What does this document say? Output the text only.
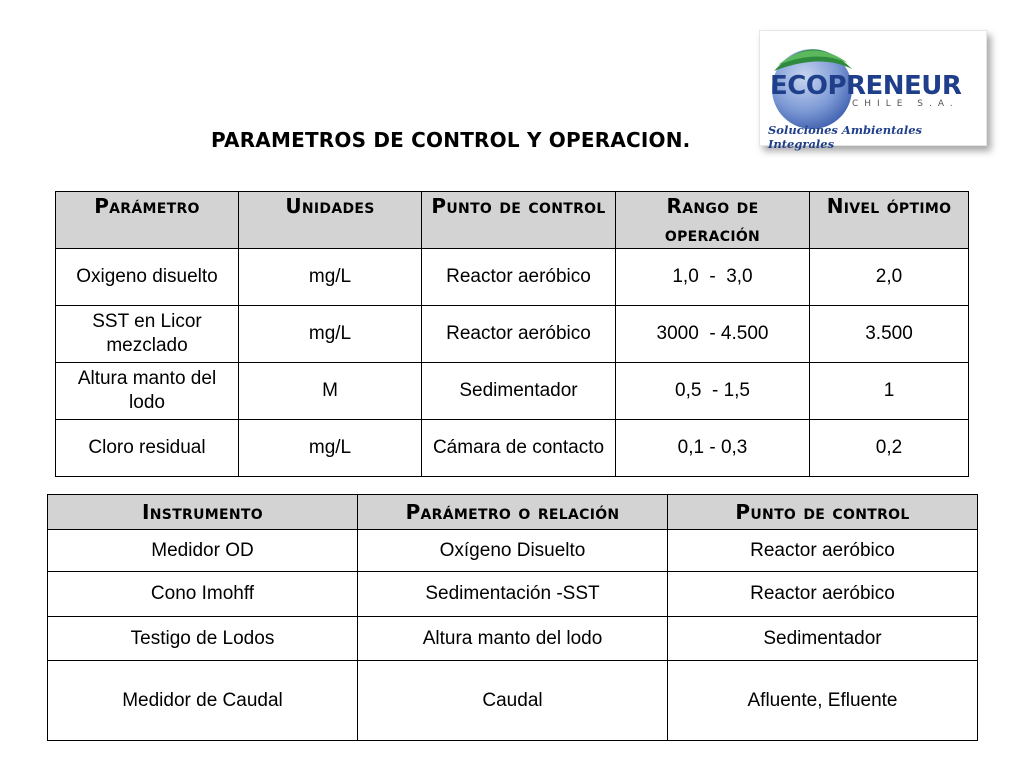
PARAMETROS DE CONTROL Y OPERACION.
ECOPRENEUR
CHILE S.A.
Soluciones Ambientales Integrales
Parámetro	Unidades	Punto de control	Rango de operación	Nivel óptimo
Oxigeno disuelto	mg/L	Reactor aeróbico	1,0  -  3,0	2,0
SST en Licor mezclado	mg/L	Reactor aeróbico	3000  - 4.500	3.500
Altura manto del lodo	M	Sedimentador	0,5  - 1,5	1
Cloro residual	mg/L	Cámara de contacto	0,1 - 0,3	0,2
Instrumento	Parámetro o relación	Punto de control
Medidor OD	Oxígeno Disuelto	Reactor aeróbico
Cono Imohff	Sedimentación -SST	Reactor aeróbico
Testigo de Lodos	Altura manto del lodo	Sedimentador
Medidor de Caudal	Caudal	Afluente, Efluente
